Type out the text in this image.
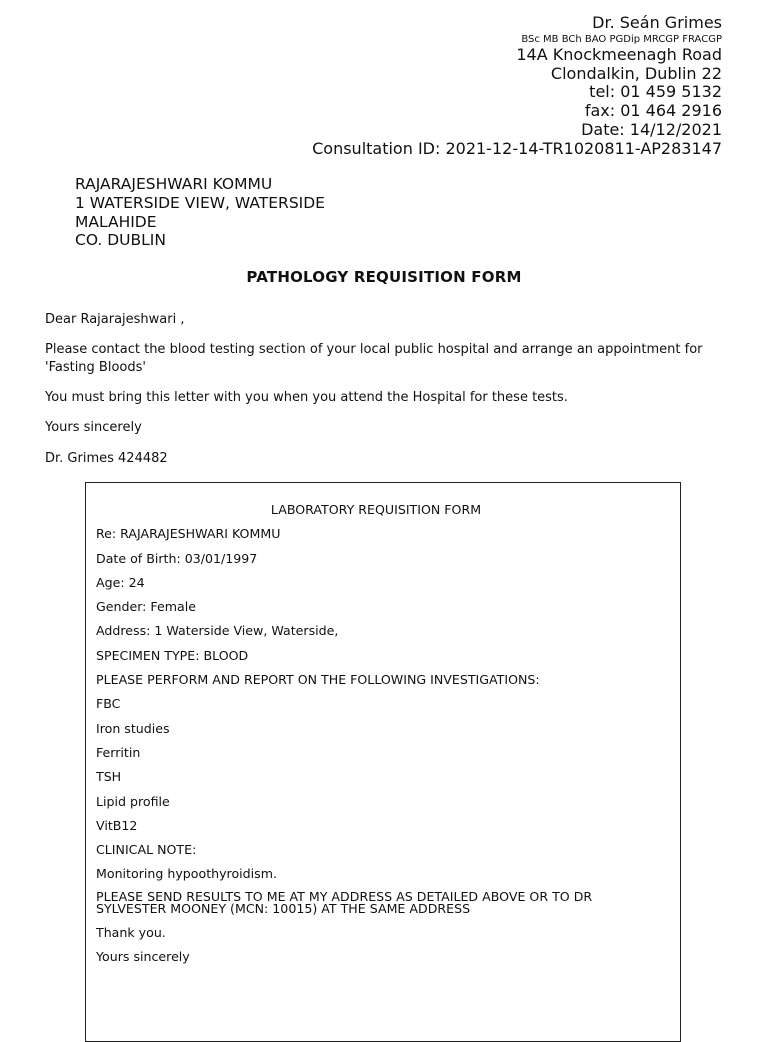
Dr. Seán Grimes
BSc MB BCh BAO PGDip MRCGP FRACGP
14A Knockmeenagh Road
Clondalkin, Dublin 22
tel: 01 459 5132
fax: 01 464 2916
Date: 14/12/2021
Consultation ID: 2021-12-14-TR1020811-AP283147
RAJARAJESHWARI KOMMU
1 WATERSIDE VIEW, WATERSIDE
MALAHIDE
CO. DUBLIN
PATHOLOGY REQUISITION FORM

Dear Rajarajeshwari ,

Please contact the blood testing section of your local public hospital and arrange an appointment for 'Fasting Bloods'

You must bring this letter with you when you attend the Hospital for these tests.

Yours sincerely

Dr. Grimes 424482

LABORATORY REQUISITION FORM
Re: RAJARAJESHWARI KOMMU
Date of Birth: 03/01/1997
Age: 24
Gender: Female
Address: 1 Waterside View, Waterside,
SPECIMEN TYPE: BLOOD
PLEASE PERFORM AND REPORT ON THE FOLLOWING INVESTIGATIONS:
FBC
Iron studies
Ferritin
TSH
Lipid profile
VitB12
CLINICAL NOTE:
Monitoring hypoothyroidism.
PLEASE SEND RESULTS TO ME AT MY ADDRESS AS DETAILED ABOVE OR TO DR SYLVESTER MOONEY (MCN: 10015) AT THE SAME ADDRESS
Thank you.
Yours sincerely
